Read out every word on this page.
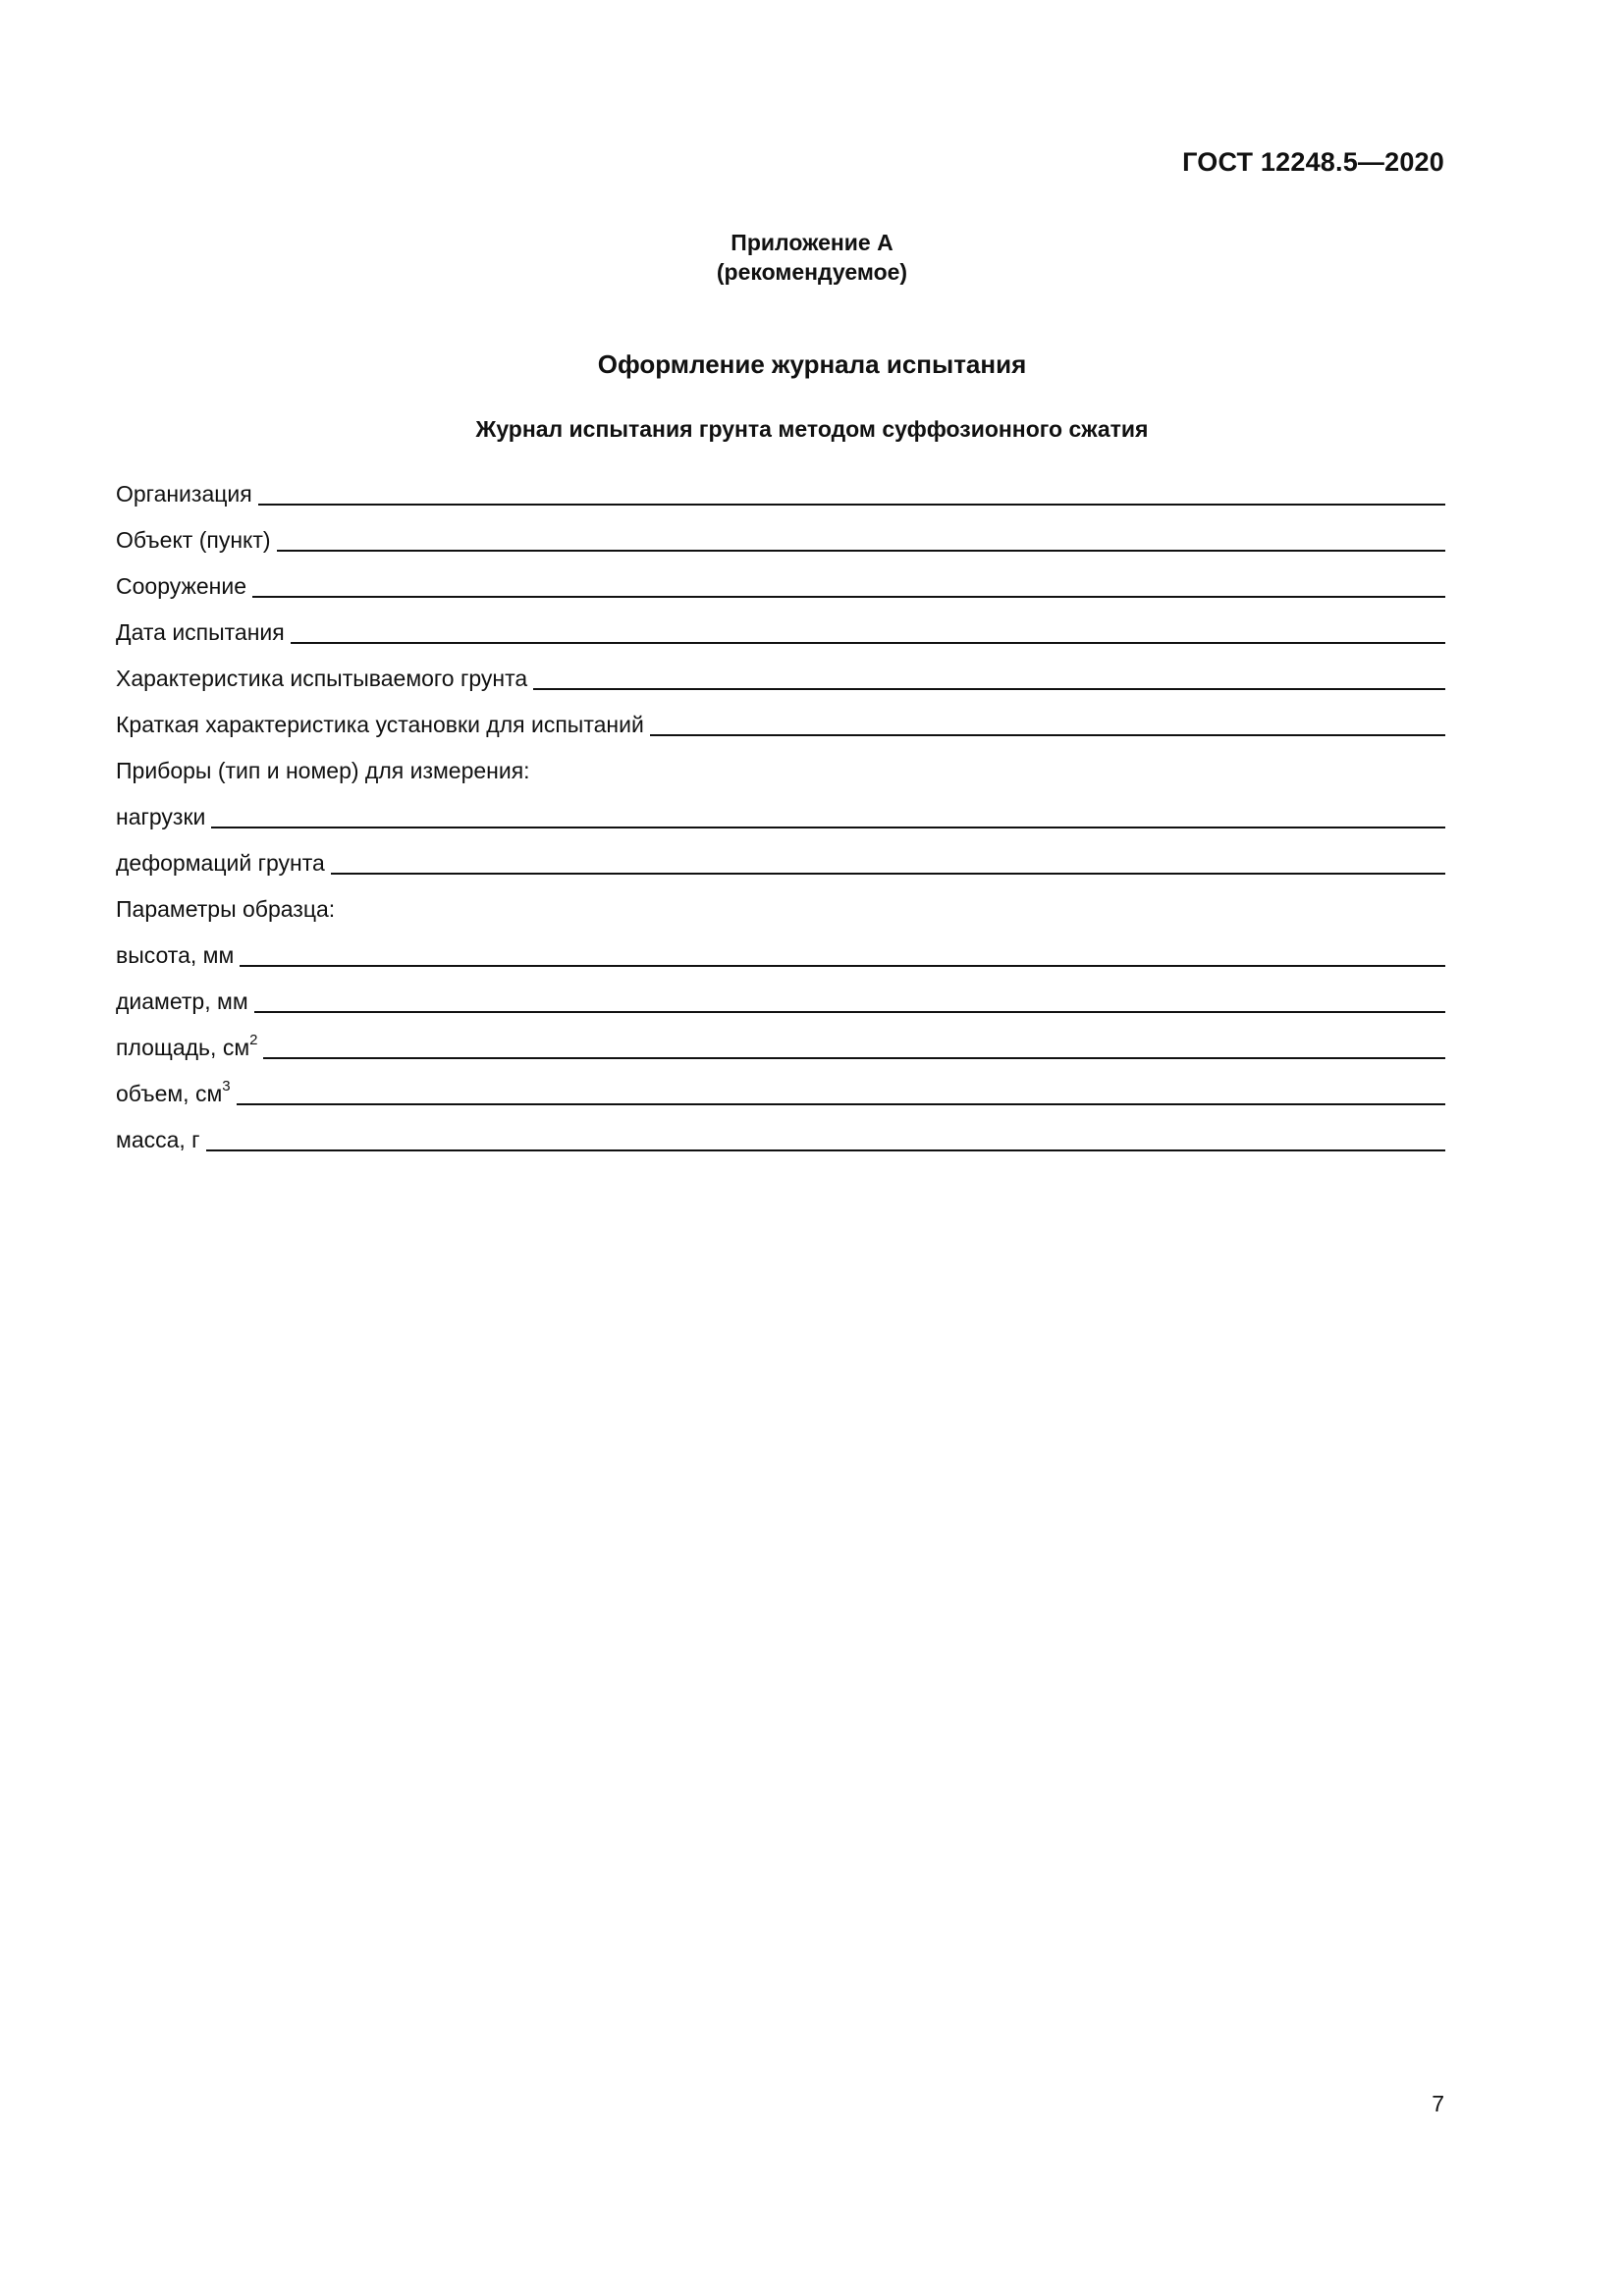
ГОСТ 12248.5—2020
Приложение А
(рекомендуемое)
Оформление журнала испытания
Журнал испытания грунта методом суффозионного сжатия
Организация
Объект (пункт)
Сооружение
Дата испытания
Характеристика испытываемого грунта
Краткая характеристика установки для испытаний
Приборы (тип и номер) для измерения:
нагрузки
деформаций грунта
Параметры образца:
высота, мм
диаметр, мм
площадь, $см^2$
объем, $см^3$
масса, г
7
